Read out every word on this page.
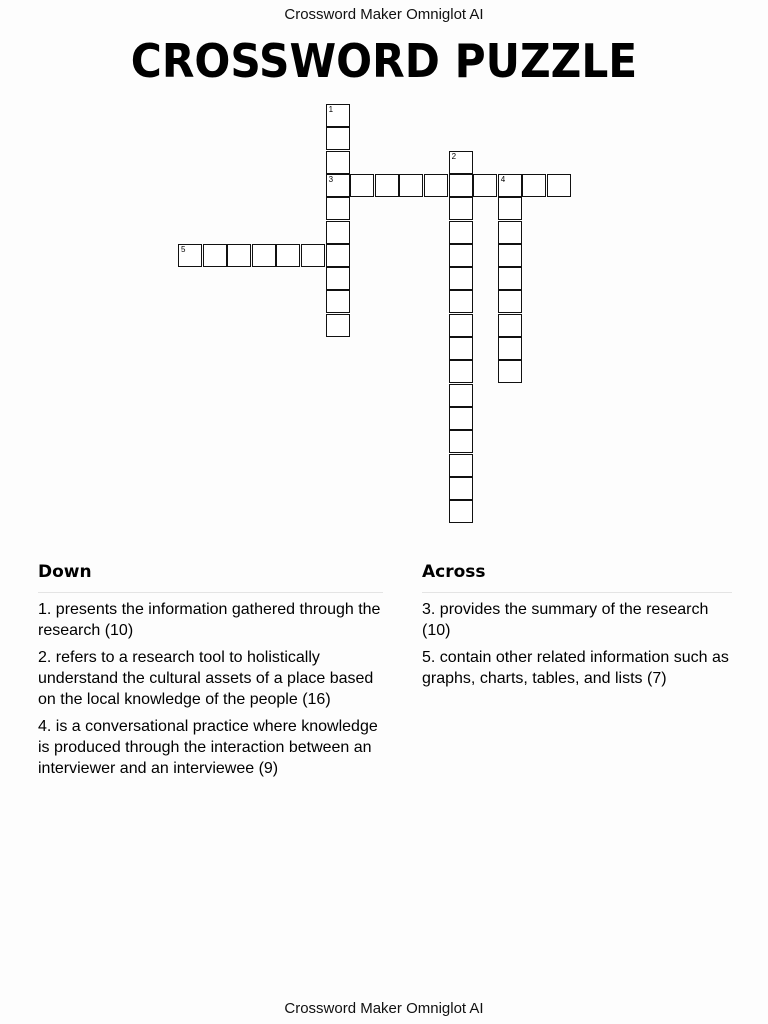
Crossword Maker Omniglot AI
CROSSWORD PUZZLE
1
3
2
4
5
Down
1. presents the information gathered through the research (10)
2. refers to a research tool to holistically understand the cultural assets of a place based on the local knowledge of the people (16)
4. is a conversational practice where knowledge is produced through the interaction between an interviewer and an interviewee (9)
Across
3. provides the summary of the research (10)
5. contain other related information such as graphs, charts, tables, and lists (7)
Crossword Maker Omniglot AI
